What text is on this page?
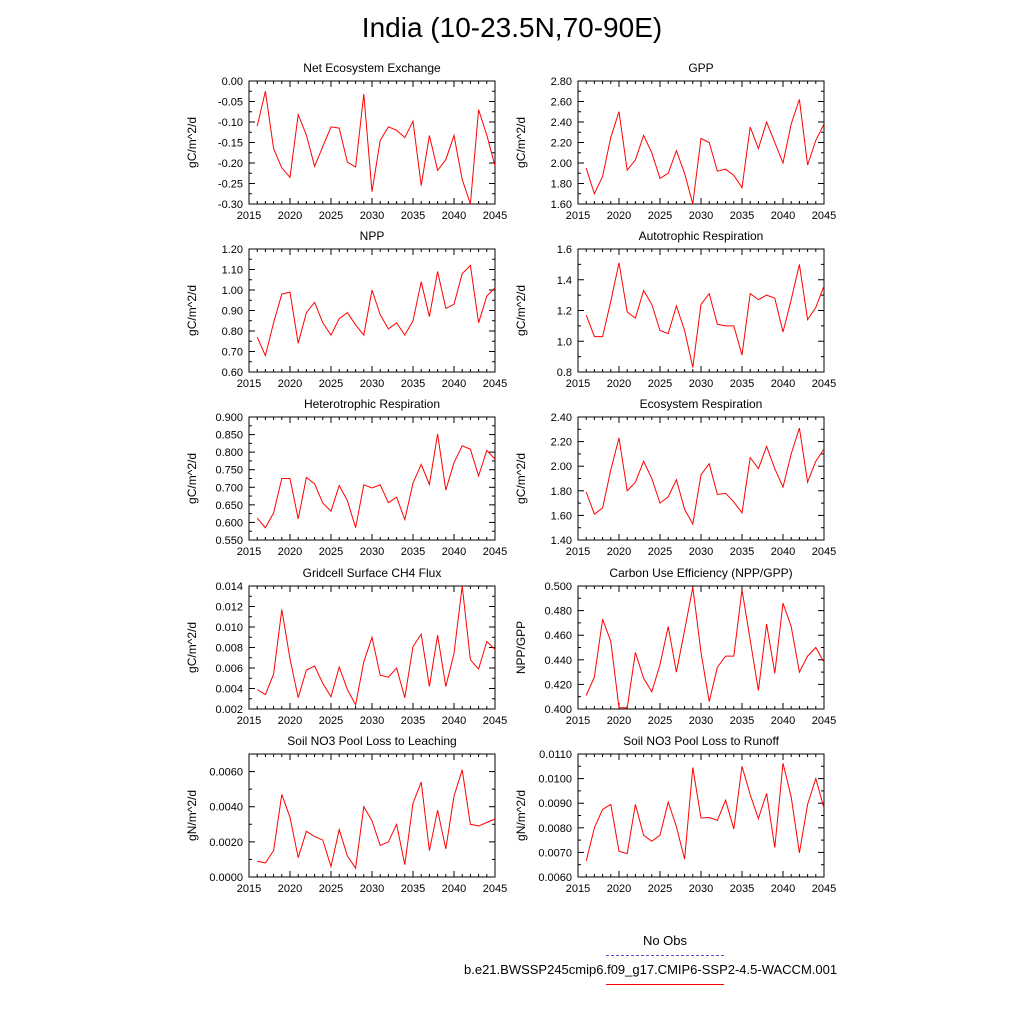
India (10-23.5N,70-90E)
2015 2020 2025 2030 2035 2040 2045
0.00
-0.05
-0.10
-0.15
-0.20
-0.25
-0.30
Net Ecosystem Exchange
gC/m^2/d
2015 2020 2025 2030 2035 2040 2045
2.80
2.60
2.40
2.20
2.00
1.80
1.60
GPP
gC/m^2/d
2015 2020 2025 2030 2035 2040 2045
1.20
1.10
1.00
0.90
0.80
0.70
0.60
NPP
gC/m^2/d
2015 2020 2025 2030 2035 2040 2045
1.6
1.4
1.2
1.0
0.8
Autotrophic Respiration
gC/m^2/d
2015 2020 2025 2030 2035 2040 2045
0.900
0.850
0.800
0.750
0.700
0.650
0.600
0.550
Heterotrophic Respiration
gC/m^2/d
2015 2020 2025 2030 2035 2040 2045
2.40
2.20
2.00
1.80
1.60
1.40
Ecosystem Respiration
gC/m^2/d
2015 2020 2025 2030 2035 2040 2045
0.014
0.012
0.010
0.008
0.006
0.004
0.002
Gridcell Surface CH4 Flux
gC/m^2/d
2015 2020 2025 2030 2035 2040 2045
0.500
0.480
0.460
0.440
0.420
0.400
Carbon Use Efficiency (NPP/GPP)
NPP/GPP
2015 2020 2025 2030 2035 2040 2045
0.0060
0.0040
0.0020
0.0000
Soil NO3 Pool Loss to Leaching
gN/m^2/d
2015 2020 2025 2030 2035 2040 2045
0.0110
0.0100
0.0090
0.0080
0.0070
0.0060
Soil NO3 Pool Loss to Runoff
gN/m^2/d
No Obs
b.e21.BWSSP245cmip6.f09_g17.CMIP6-SSP2-4.5-WACCM.001
